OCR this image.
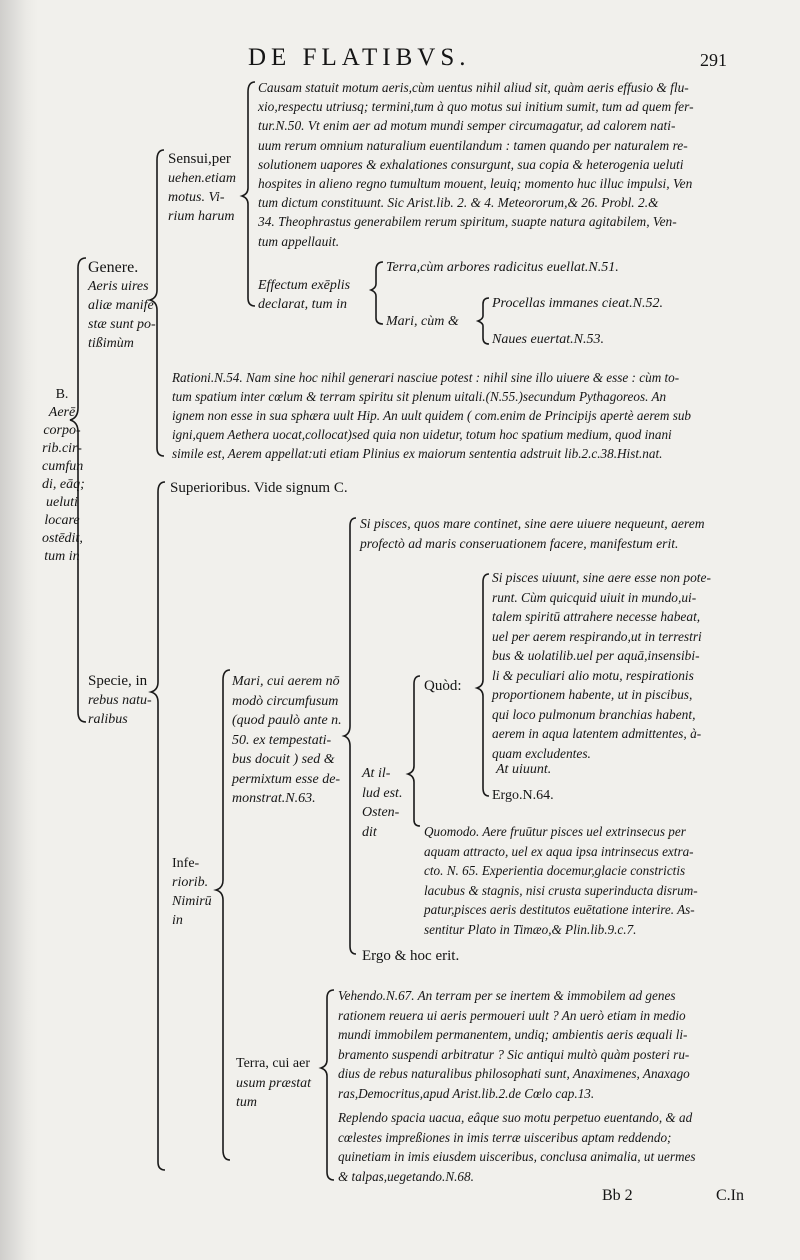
DE FLATIBVS.	291
B.
Aerē
corpo-
rib.cir-
cumfun
di, eāq;
ueluti
locare
ostēdit,
tum in
Genere.
Aeris uires
aliæ manife
stæ sunt po-
tißimùm
Sensui,per
uehen.etiam
motus. Vi-
rium harum
Causam statuit motum aeris,cùm uentus nihil aliud sit, quàm aeris effusio & flu-
xio,respectu utriusq; termini,tum à quo motus sui initium sumit, tum ad quem fer-
tur.N.50. Vt enim aer ad motum mundi semper circumagatur, ad calorem nati-
uum rerum omnium naturalium euentilandum : tamen quando per naturalem re-
solutionem uapores & exhalationes consurgunt, sua copia & heterogenia ueluti
hospites in alieno regno tumultum mouent, leuiq; momento huc illuc impulsi, Ven
tum dictum constituunt. Sic Arist.lib. 2. & 4. Meteororum,& 26. Probl. 2.&
34. Theophrastus generabilem rerum spiritum, suapte natura agitabilem, Ven-
tum appellauit.
Effectum exēplis
declarat, tum in
Terra,cùm arbores radicitus euellat.N.51.
Mari, cùm &
Procellas immanes cieat.N.52.
Naues euertat.N.53.
Rationi.N.54. Nam sine hoc nihil generari nasciue potest : nihil sine illo uiuere & esse : cùm to-
tum spatium inter cœlum & terram spiritu sit plenum uitali.(N.55.)secundum Pythagoreos. An
ignem non esse in sua sphæra uult Hip. An uult quidem ( com.enim de Principijs apertè aerem sub
igni,quem Aethera uocat,collocat)sed quia non uidetur, totum hoc spatium medium, quod inani
simile est, Aerem appellat:uti etiam Plinius ex maiorum sententia adstruit lib.2.c.38.Hist.nat.
Specie, in
rebus natu-
ralibus
Superioribus. Vide signum C.
Infe-
riorib.
Nimirū
in
Mari, cui aerem nō
modò circumfusum
(quod paulò ante n.
50. ex tempestati-
bus docuit ) sed &
permixtum esse de-
monstrat.N.63.
Si pisces, quos mare continet, sine aere uiuere nequeunt, aerem
profectò ad maris conseruationem facere, manifestum erit.
At il-
lud est.
Osten-
dit
Quòd:
Si pisces uiuunt, sine aere esse non pote-
runt. Cùm quicquid uiuit in mundo,ui-
talem spiritū attrahere necesse habeat,
uel per aerem respirando,ut in terrestri
bus & uolatilib.uel per aquā,insensibi-
li & peculiari alio motu, respirationis
proportionem habente, ut in piscibus,
qui loco pulmonum branchias habent,
aerem in aqua latentem admittentes, à-
quam excludentes.
At uiuunt.
Ergo.N.64.
Quomodo. Aere fruūtur pisces uel extrinsecus per
aquam attracto, uel ex aqua ipsa intrinsecus extra-
cto. N. 65. Experientia docemur,glacie constrictis
lacubus & stagnis, nisi crusta superinducta disrum-
patur,pisces aeris destitutos euētatione interire. As-
sentitur Plato in Timæo,& Plin.lib.9.c.7.
Ergo & hoc erit.
Terra, cui aer
usum præstat
tum
Vehendo.N.67. An terram per se inertem & immobilem ad genes
rationem reuera ui aeris permoueri uult ? An uerò etiam in medio
mundi immobilem permanentem, undiq; ambientis aeris æquali li-
bramento suspendi arbitratur ? Sic antiqui multò quàm posteri ru-
dius de rebus naturalibus philosophati sunt, Anaximenes, Anaxago
ras,Democritus,apud Arist.lib.2.de Cœlo cap.13.
Replendo spacia uacua, eâque suo motu perpetuo euentando, & ad
cœlestes impreßiones in imis terræ uisceribus aptam reddendo;
quinetiam in imis eiusdem uisceribus, conclusa animalia, ut uermes
& talpas,uegetando.N.68.
Bb 2	C.In
